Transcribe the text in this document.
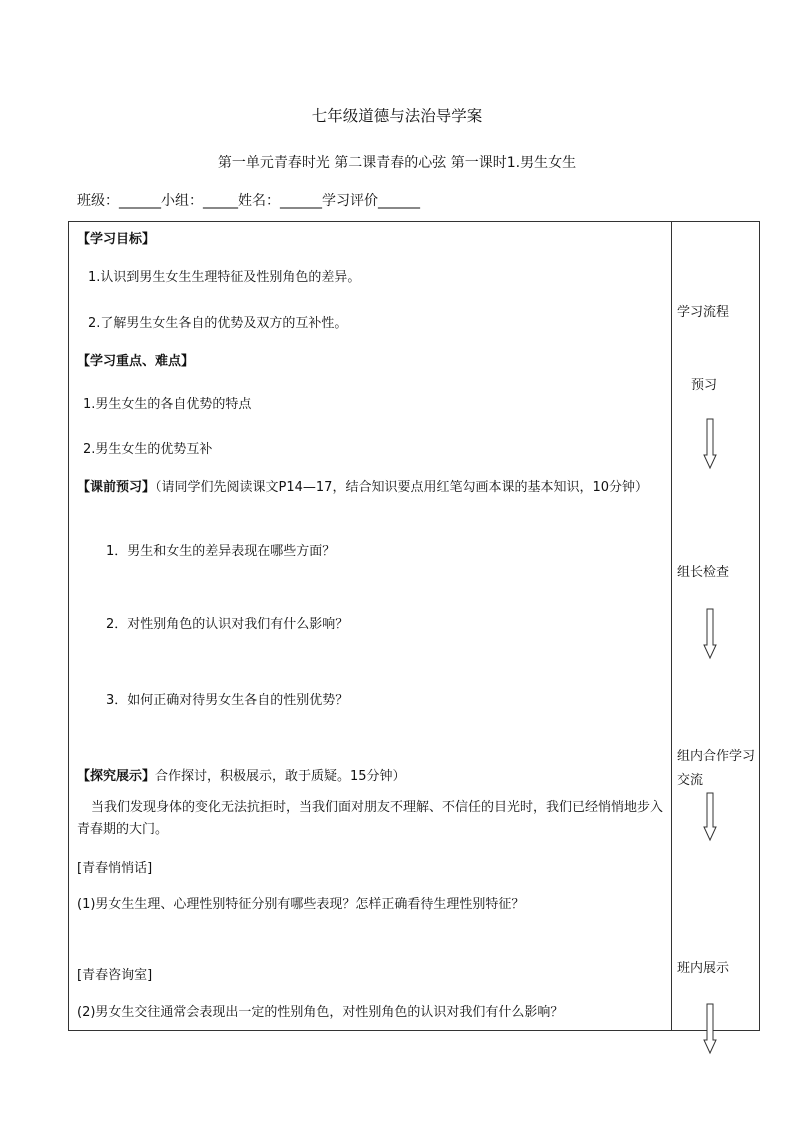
七年级道德与法治导学案
第一单元青春时光 第二课青春的心弦 第一课时1.男生女生
班级：______小组：_____姓名：______学习评价______
【学习目标】
1.认识到男生女生生理特征及性别角色的差异。
2.了解男生女生各自的优势及双方的互补性。
【学习重点、难点】
1.男生女生的各自优势的特点
2.男生女生的优势互补
【课前预习】（请同学们先阅读课文P14—17，结合知识要点用红笔勾画本课的基本知识，10分钟）
1．男生和女生的差异表现在哪些方面？
2．对性别角色的认识对我们有什么影响？
3．如何正确对待男女生各自的性别优势？
【探究展示】合作探讨，积极展示，敢于质疑。15分钟）
当我们发现身体的变化无法抗拒时，当我们面对朋友不理解、不信任的目光时，我们已经悄悄地步入青春期的大门。
[青春悄悄话]
(1)男女生生理、心理性别特征分别有哪些表现？怎样正确看待生理性别特征？
[青春咨询室]
(2)男女生交往通常会表现出一定的性别角色，对性别角色的认识对我们有什么影响？
学习流程
预习
组长检查
组内合作学习交流
班内展示
